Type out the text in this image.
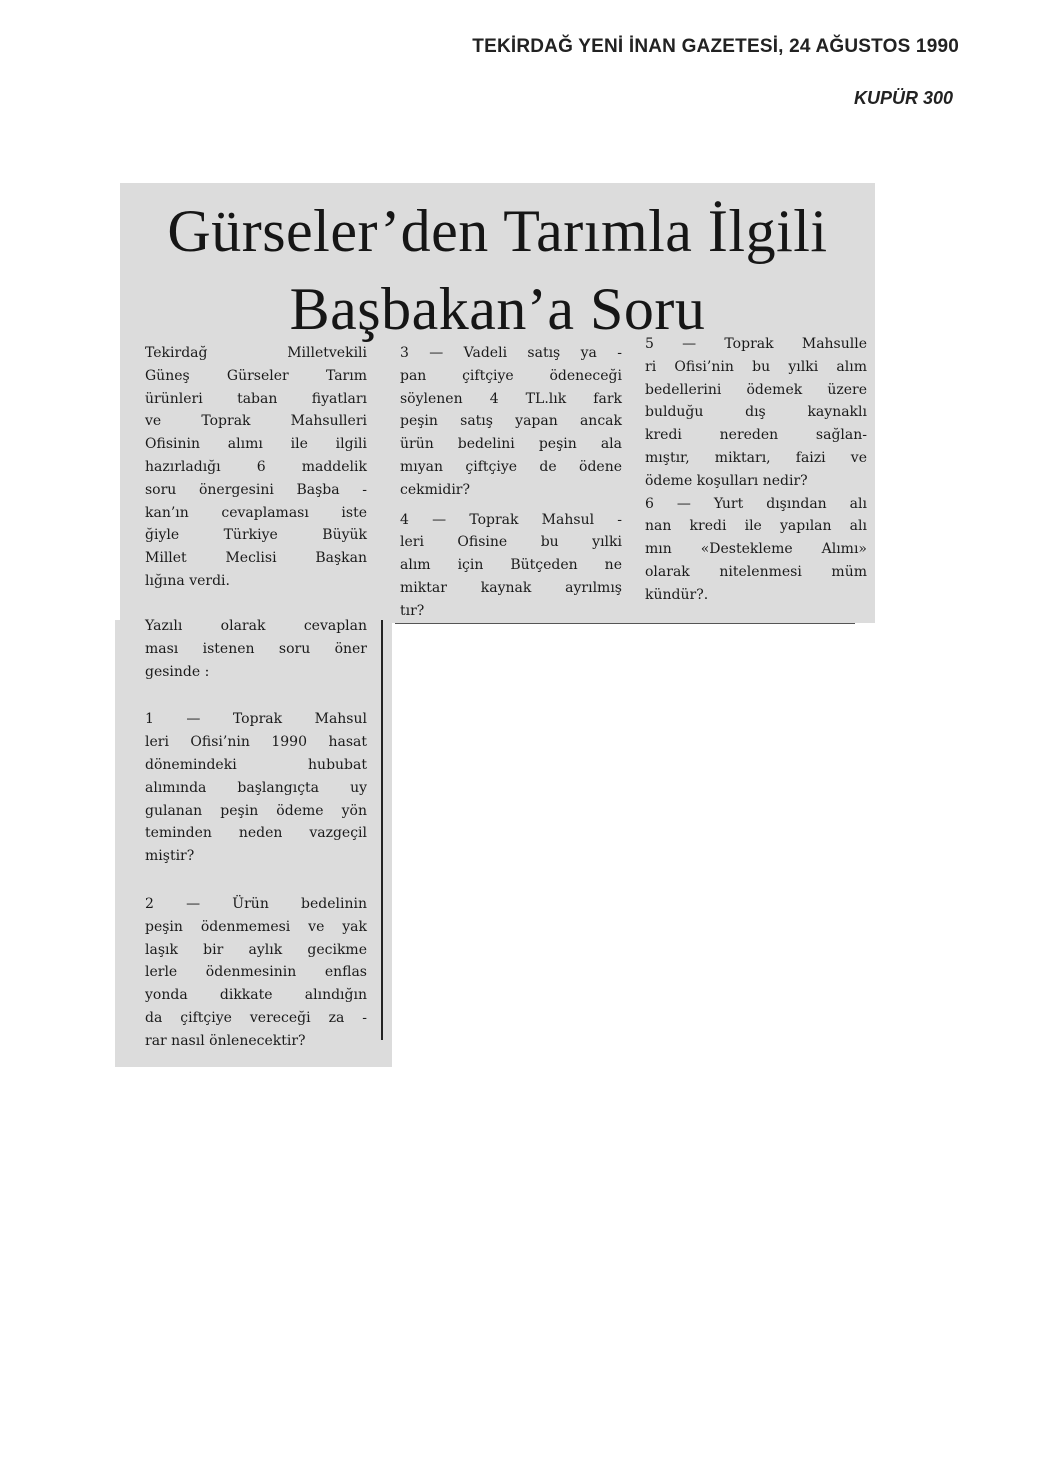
TEKİRDAĞ YENİ İNAN GAZETESİ, 24 AĞUSTOS 1990
KUPÜR 300
Gürseler’den Tarımla İlgili
Başbakan’a Soru

Tekirdağ Milletvekili

Güneş Gürseler Tarım

ürünleri taban fiyatları

ve Toprak Mahsulleri

Ofisinin alımı ile ilgili

hazırladığı 6 maddelik

soru önergesini Başba -

kan’ın cevaplaması iste

ğiyle Türkiye Büyük

Millet Meclisi Başkan

lığına verdi.

3 — Vadeli satış ya -

pan çiftçiye ödeneceği

söylenen 4 TL.lık fark

peşin satış yapan ancak

ürün bedelini peşin ala

mıyan çiftçiye de ödene

cekmidir?

4 — Toprak Mahsul -

leri Ofisine bu yılki

alım için Bütçeden ne

miktar kaynak ayrılmış

tır?

5 — Toprak Mahsulle

ri Ofisi’nin bu yılki alım

bedellerini ödemek üzere

bulduğu dış kaynaklı

kredi nereden sağlan-

mıştır, miktarı, faizi ve

ödeme koşulları nedir?

6 — Yurt dışından alı

nan kredi ile yapılan alı

mın «Destekleme Alımı»

olarak nitelenmesi müm

kündür?.

Yazılı olarak cevaplan

ması istenen soru öner

gesinde :

1 — Toprak Mahsul

leri Ofisi’nin 1990 hasat

dönemindeki hububat

alımında başlangıçta uy

gulanan peşin ödeme yön

teminden neden vazgeçil

miştir?

2 — Ürün bedelinin

peşin ödenmemesi ve yak

laşık bir aylık gecikme

lerle ödenmesinin enflas

yonda dikkate alındığın

da çiftçiye vereceği za -

rar nasıl önlenecektir?
